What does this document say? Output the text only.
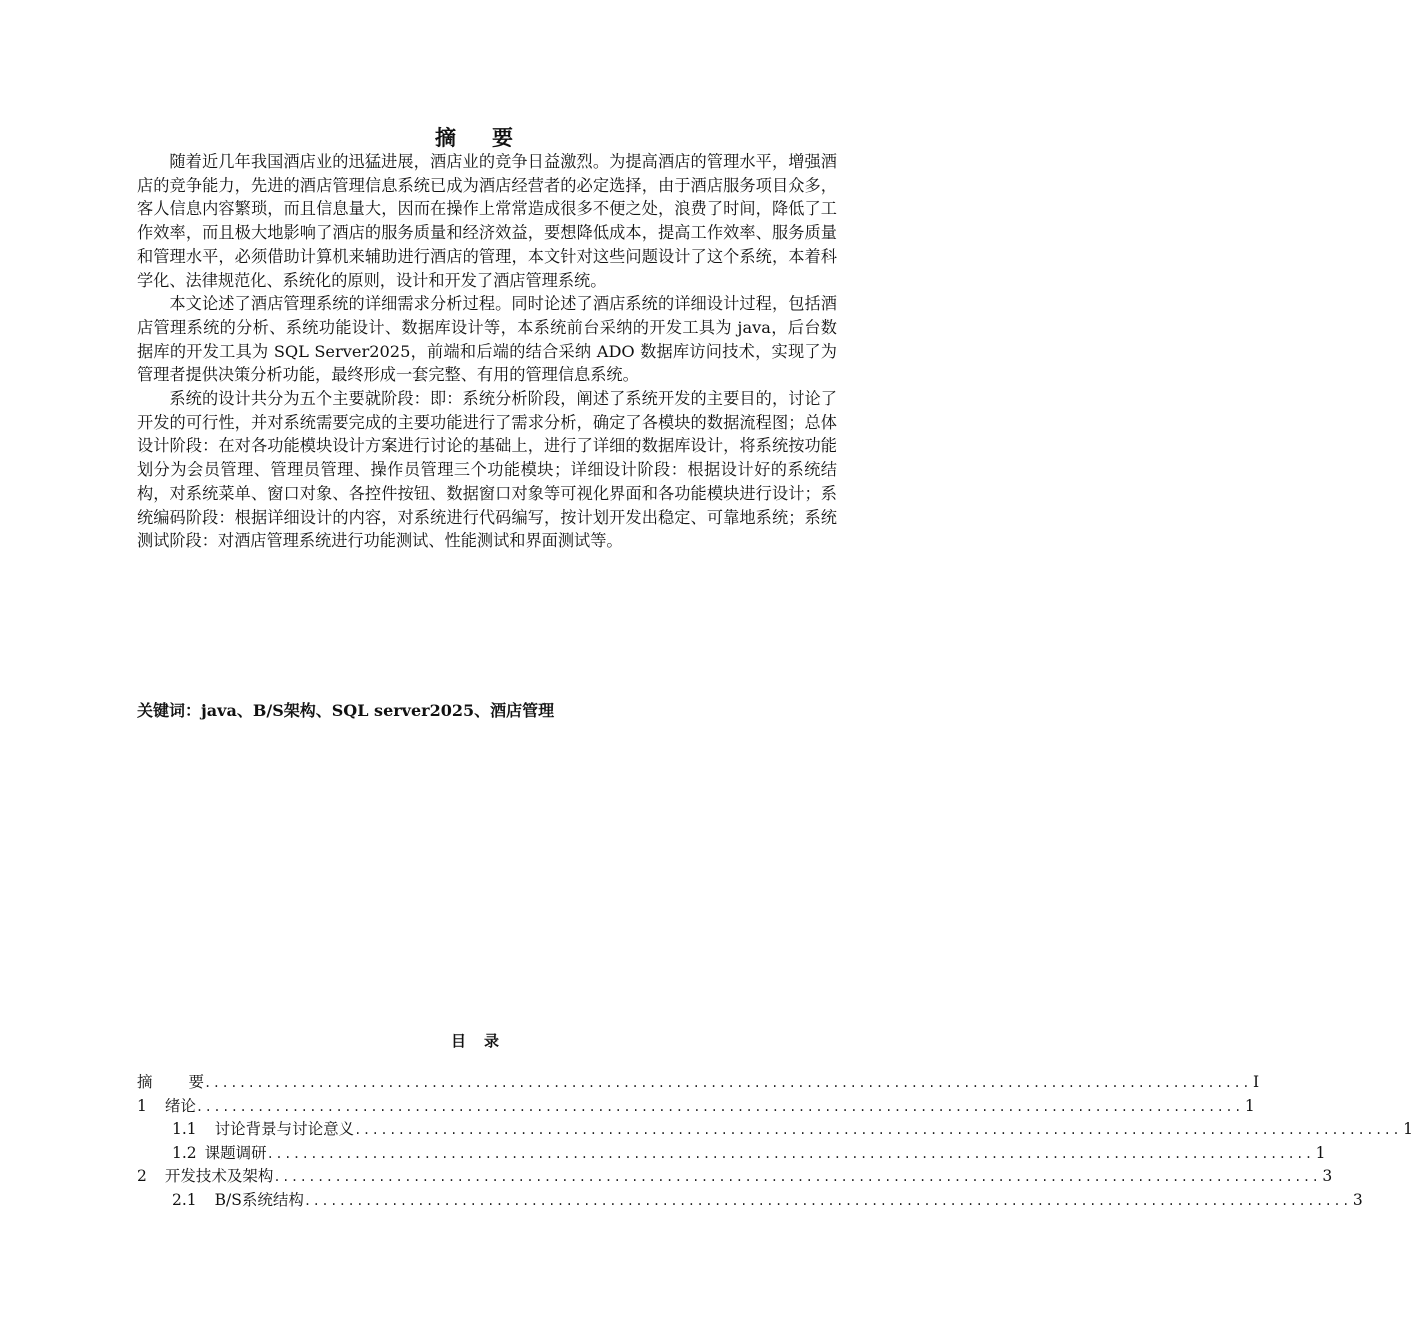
摘 要

随着近几年我国酒店业的迅猛进展，酒店业的竞争日益激烈。为提高酒店的管理水平，增强酒店的竞争能力，先进的酒店管理信息系统已成为酒店经营者的必定选择，由于酒店服务项目众多，客人信息内容繁琐，而且信息量大，因而在操作上常常造成很多不便之处，浪费了时间，降低了工作效率，而且极大地影响了酒店的服务质量和经济效益，要想降低成本，提高工作效率、服务质量和管理水平，必须借助计算机来辅助进行酒店的管理，本文针对这些问题设计了这个系统，本着科学化、法律规范化、系统化的原则，设计和开发了酒店管理系统。

本文论述了酒店管理系统的详细需求分析过程。同时论述了酒店系统的详细设计过程，包括酒店管理系统的分析、系统功能设计、数据库设计等，本系统前台采纳的开发工具为 java，后台数据库的开发工具为 SQL Server2025，前端和后端的结合采纳 ADO 数据库访问技术，实现了为管理者提供决策分析功能，最终形成一套完整、有用的管理信息系统。

系统的设计共分为五个主要就阶段：即：系统分析阶段，阐述了系统开发的主要目的，讨论了开发的可行性，并对系统需要完成的主要功能进行了需求分析，确定了各模块的数据流程图；总体设计阶段：在对各功能模块设计方案进行讨论的基础上，进行了详细的数据库设计，将系统按功能划分为会员管理、管理员管理、操作员管理三个功能模块；详细设计阶段：根据设计好的系统结构，对系统菜单、窗口对象、各控件按钮、数据窗口对象等可视化界面和各功能模块进行设计；系统编码阶段：根据详细设计的内容，对系统进行代码编写，按计划开发出稳定、可靠地系统；系统测试阶段：对酒店管理系统进行功能测试、性能测试和界面测试等。

关键词：java、B/S架构、SQL server2025、酒店管理

目 录
摘 要 ........................................................................................................................ I
1 绪论 ........................................................................................................................ 1
1.1 讨论背景与讨论意义 ........................................................................................................................ 1
1.2 课题调研 ........................................................................................................................ 1
2 开发技术及架构 ........................................................................................................................ 3
2.1 B/S系统结构 ........................................................................................................................ 3
